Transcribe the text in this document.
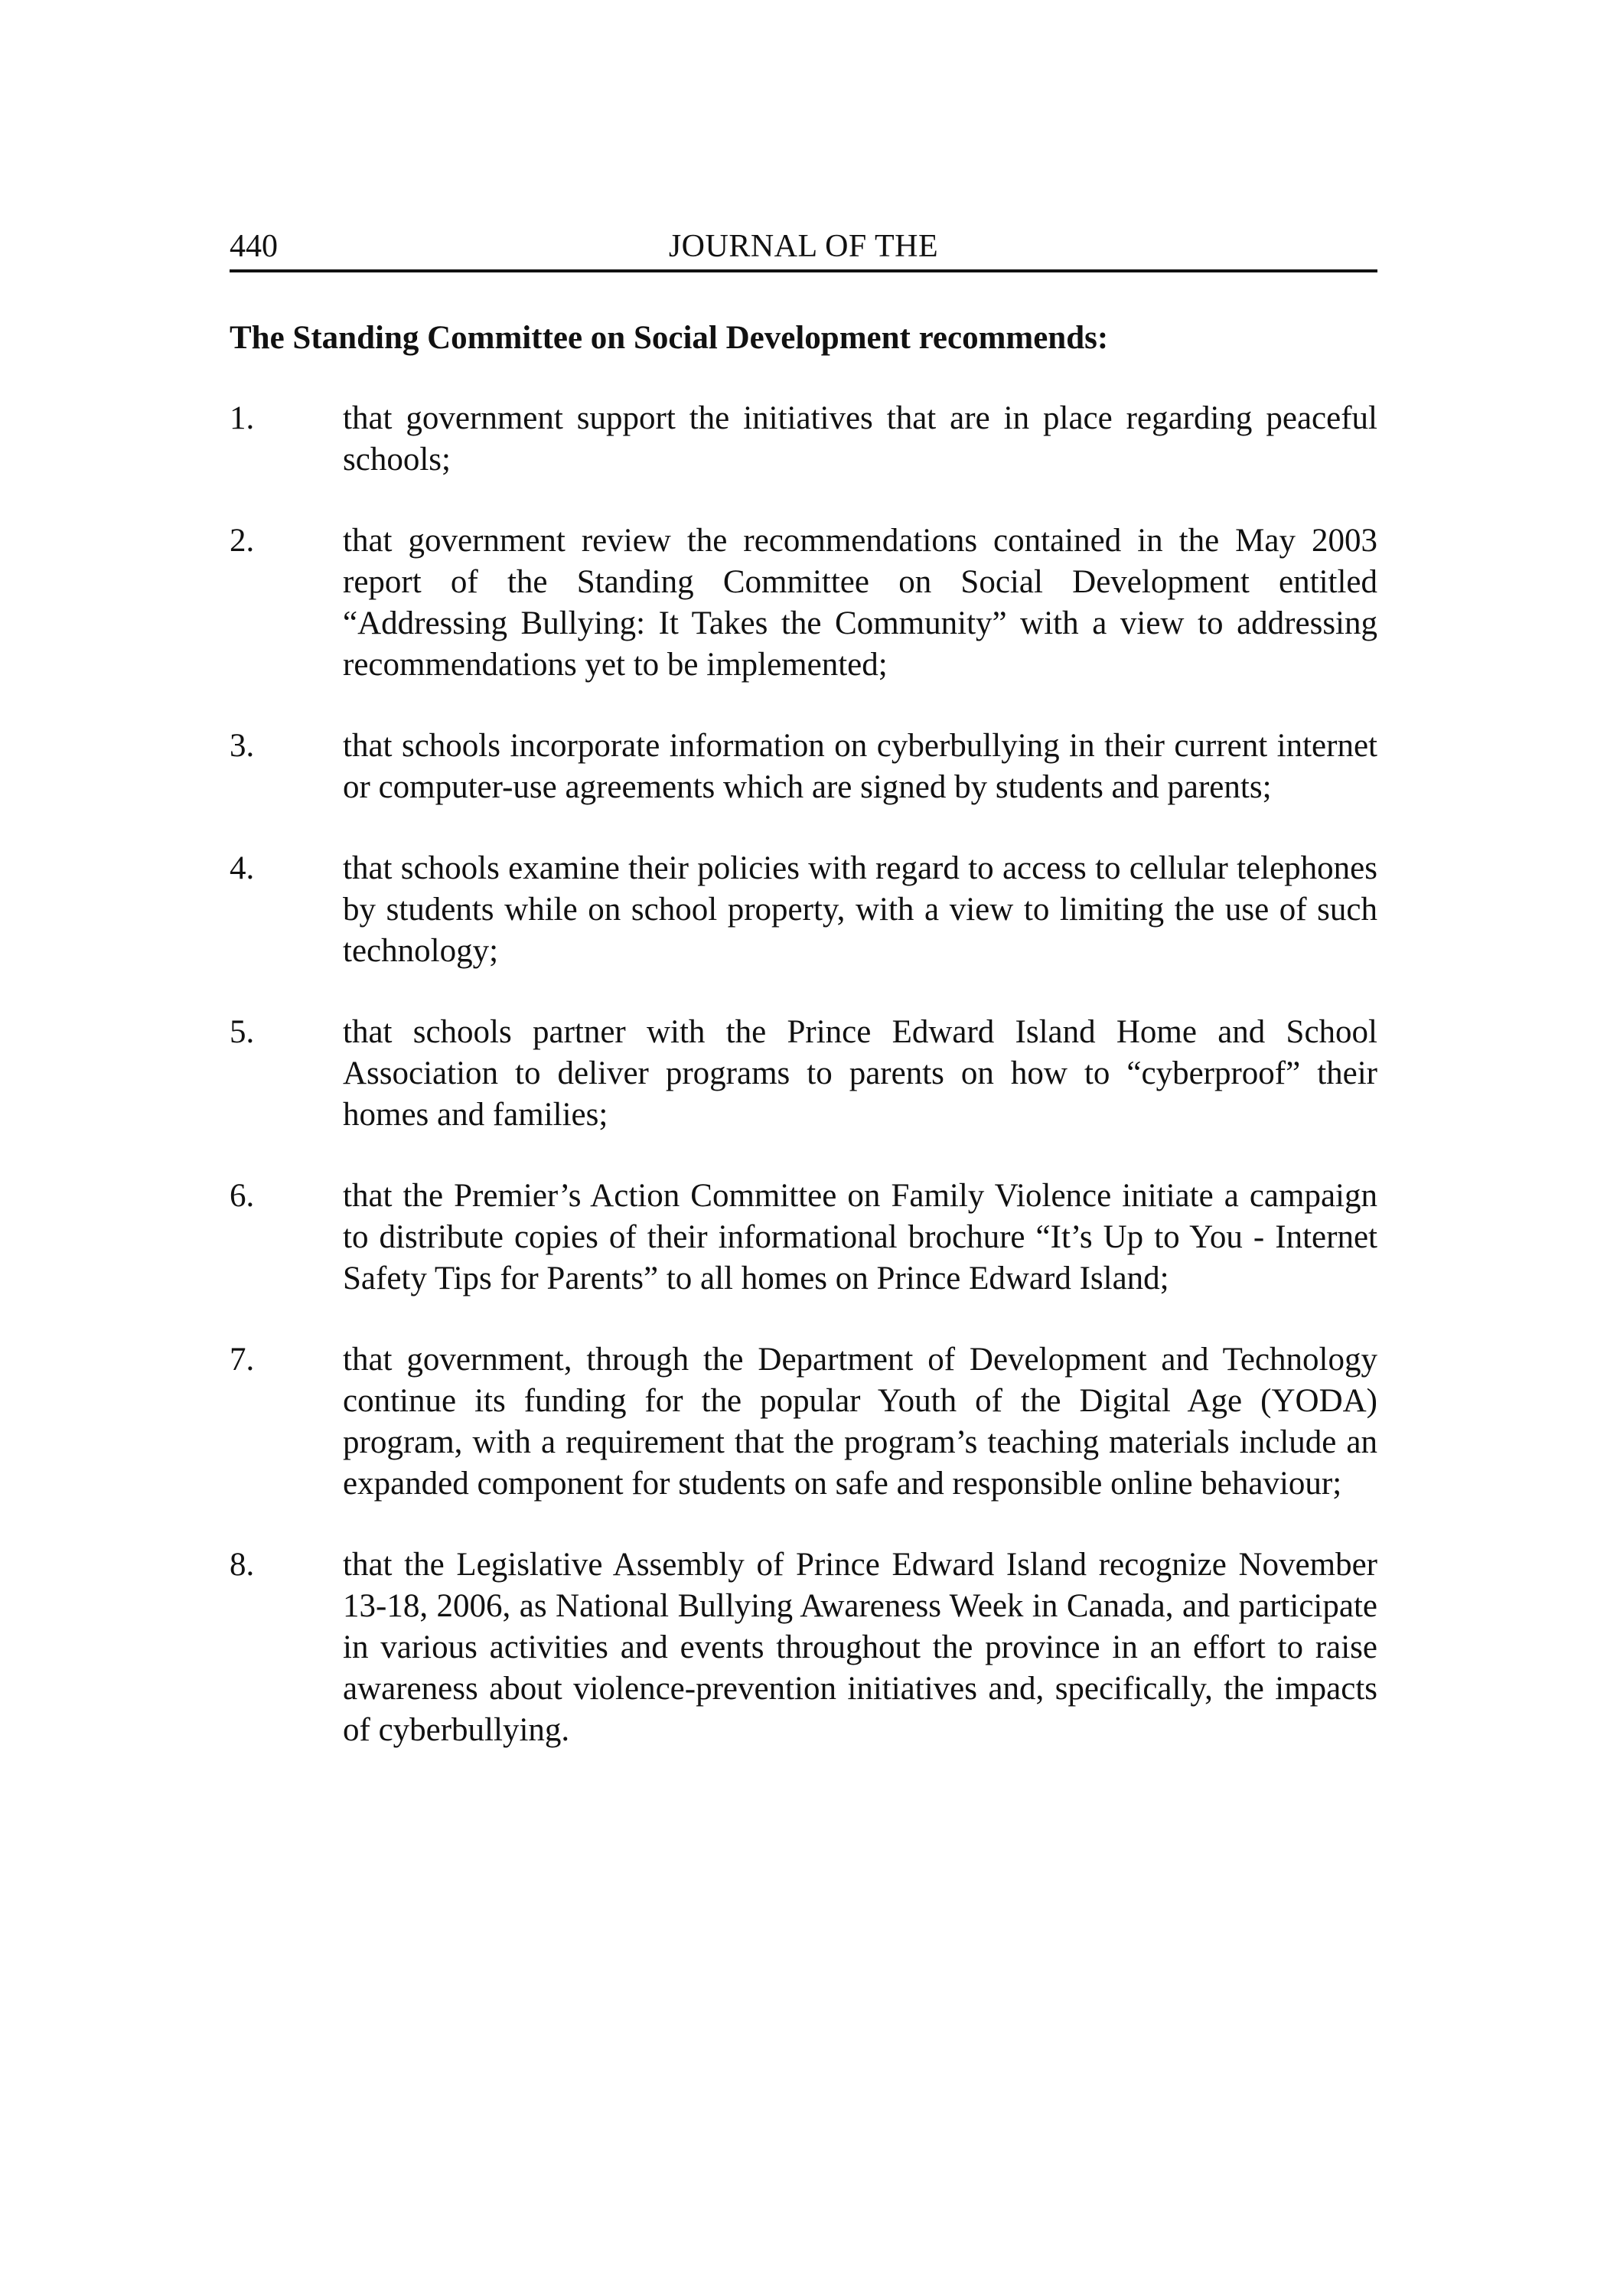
440	JOURNAL OF THE
The Standing Committee on Social Development recommends:
1.	that government support the initiatives that are in place regarding peaceful schools;
2.	that government review the recommendations contained in the May 2003 report of the Standing Committee on Social Development entitled “Addressing Bullying: It Takes the Community” with a view to addressing recommendations yet to be implemented;
3.	that schools incorporate information on cyberbullying in their current internet or computer-use agreements which are signed by students and parents;
4.	that schools examine their policies with regard to access to cellular telephones by students while on school property, with a view to limiting the use of such technology;
5.	that schools partner with the Prince Edward Island Home and School Association to deliver programs to parents on how to “cyberproof” their homes and families;
6.	that the Premier’s Action Committee on Family Violence initiate a campaign to distribute copies of their informational brochure “It’s Up to You - Internet Safety Tips for Parents” to all homes on Prince Edward Island;
7.	that government, through the Department of Development and Technology continue its funding for the popular Youth of the Digital Age (YODA) program, with a requirement that the program’s teaching materials include an expanded component for students on safe and responsible online behaviour;
8.	that the Legislative Assembly of Prince Edward Island recognize November 13-18, 2006, as National Bullying Awareness Week in Canada, and participate in various activities and events throughout the province in an effort to raise awareness about violence-prevention initiatives and, specifically, the impacts of cyberbullying.
